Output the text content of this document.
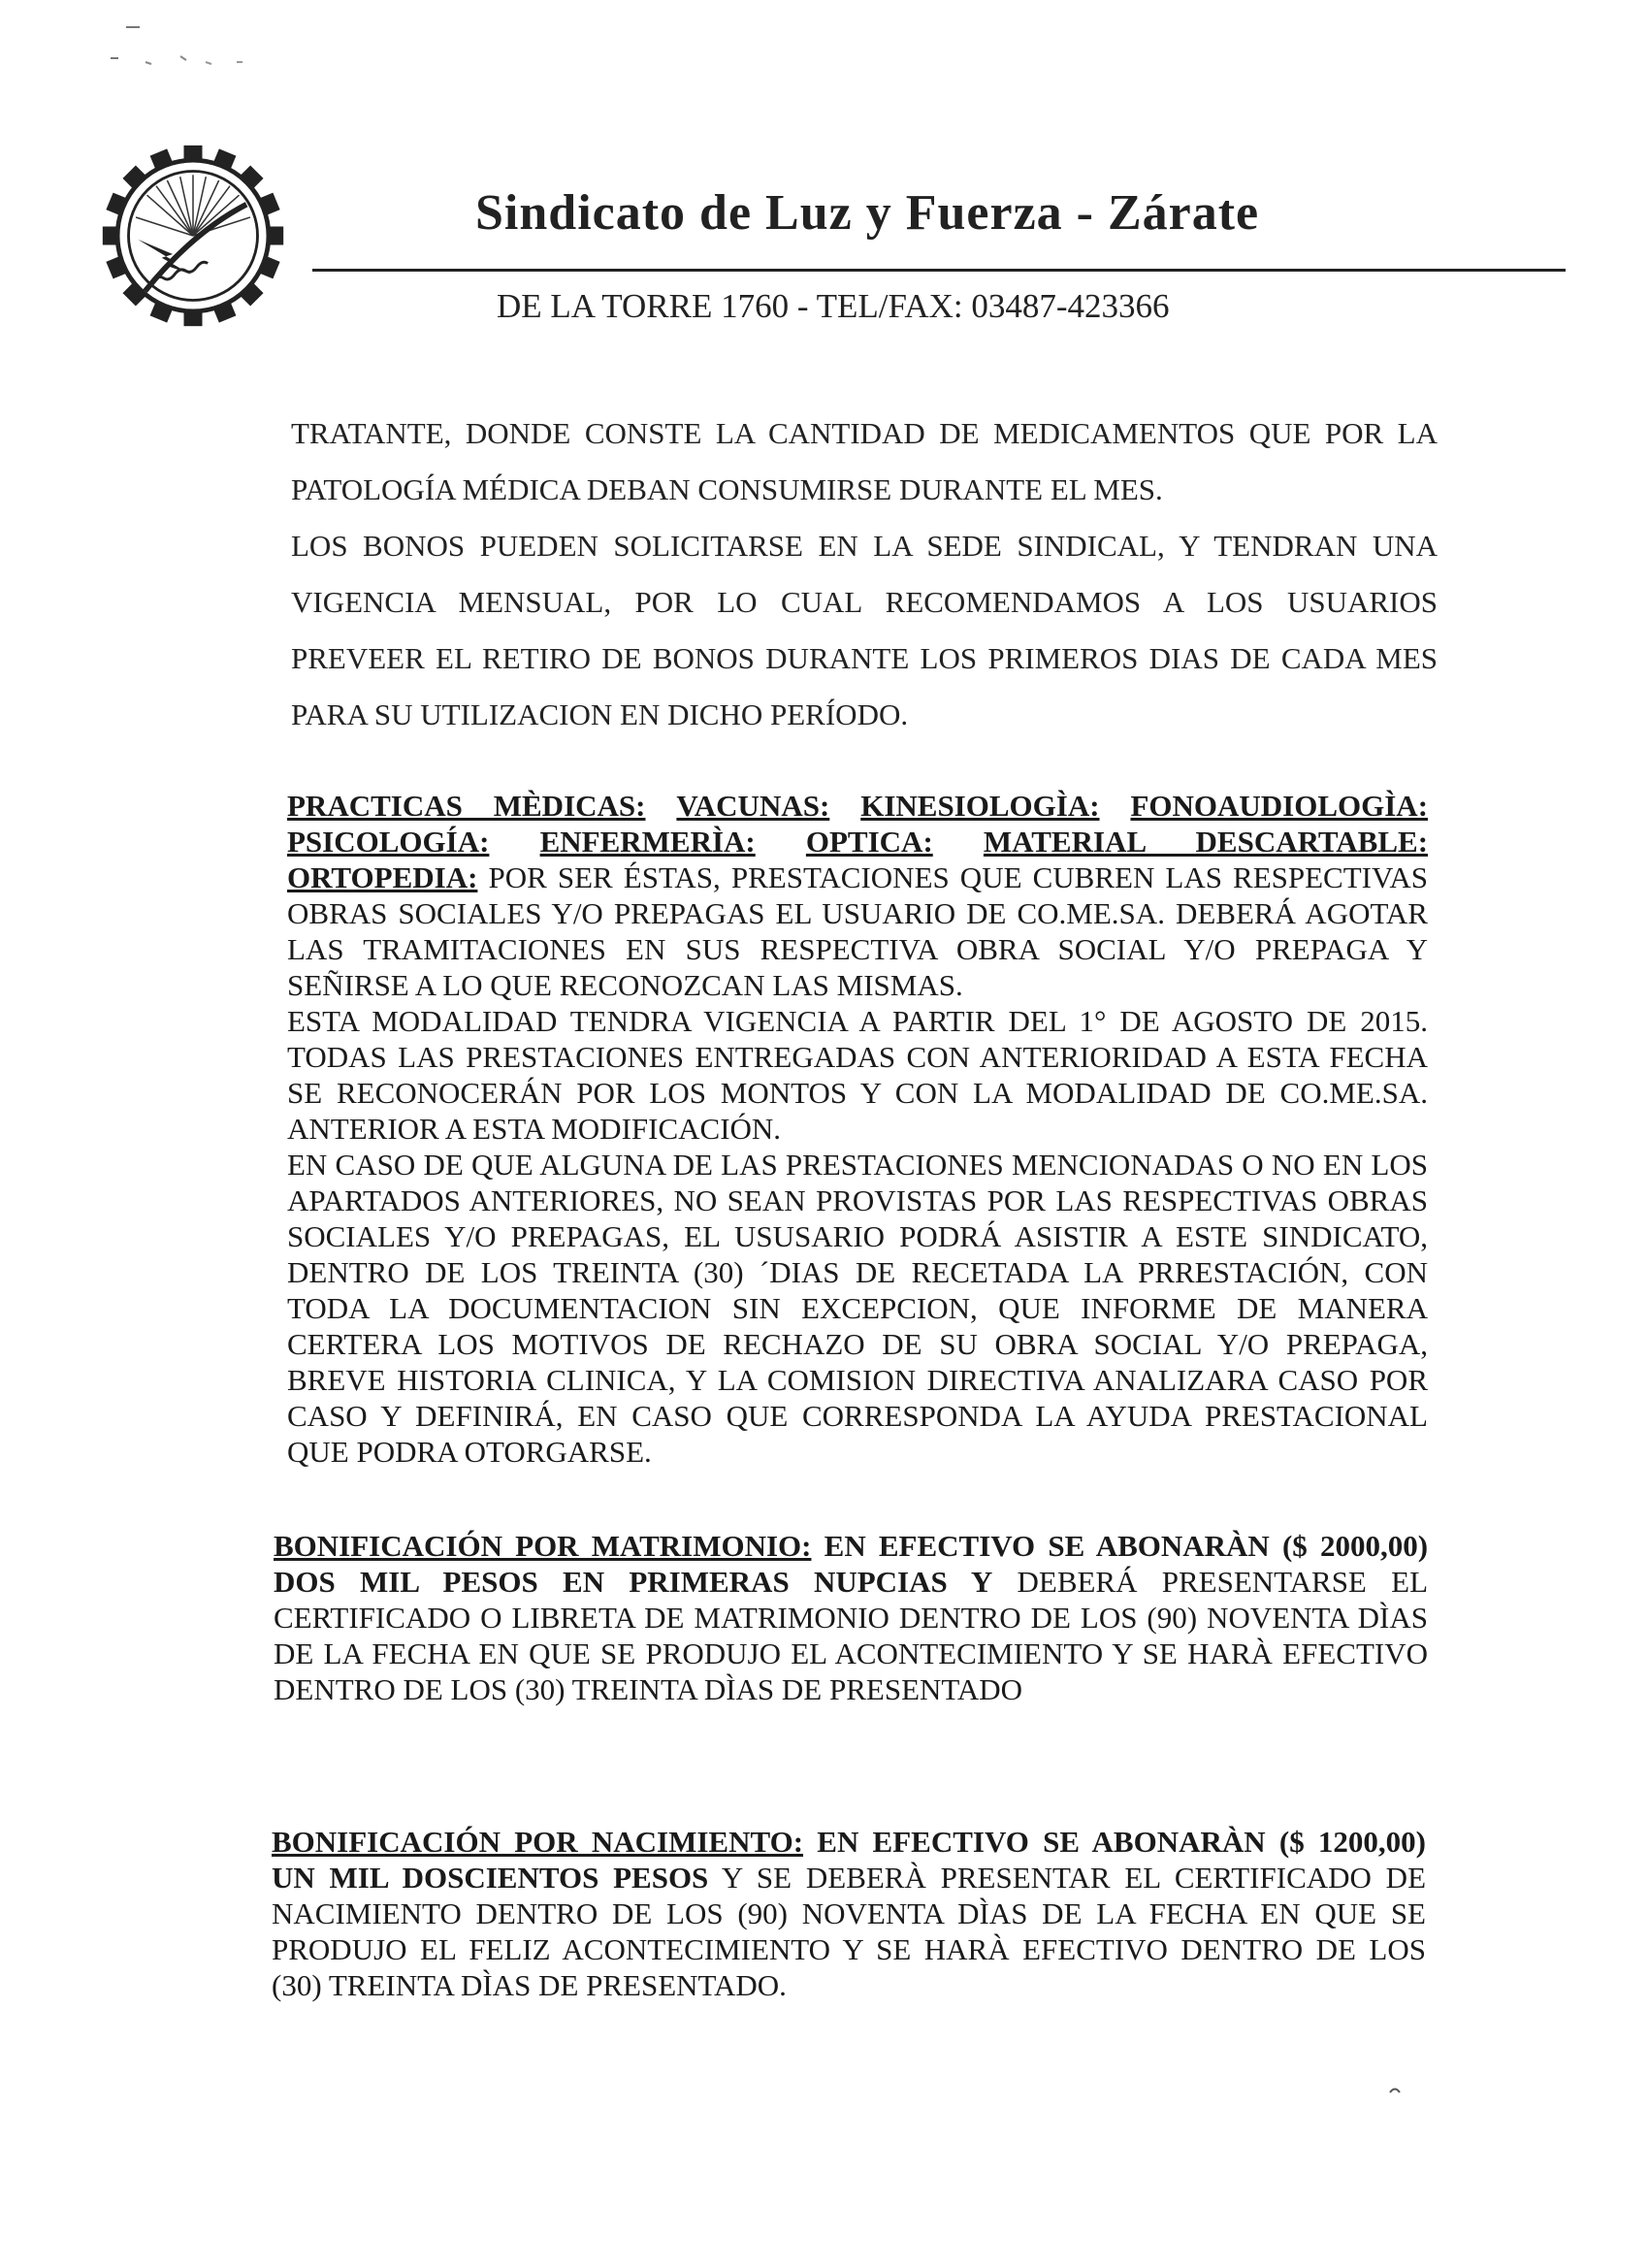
Sindicato de Luz y Fuerza - Zárate
DE LA TORRE 1760 - TEL/FAX: 03487-423366

TRATANTE, DONDE CONSTE LA CANTIDAD DE MEDICAMENTOS QUE POR LA PATOLOGÍA MÉDICA DEBAN CONSUMIRSE DURANTE EL MES.

LOS BONOS PUEDEN SOLICITARSE EN LA SEDE SINDICAL, Y TENDRAN UNA VIGENCIA MENSUAL, POR LO CUAL RECOMENDAMOS A LOS USUARIOS PREVEER EL RETIRO DE BONOS DURANTE LOS PRIMEROS DIAS DE CADA MES PARA SU UTILIZACION EN DICHO PERÍODO.

PRACTICAS MÈDICAS: VACUNAS: KINESIOLOGÌA: FONOAUDIOLOGÌA: PSICOLOGÍA: ENFERMERÌA: OPTICA: MATERIAL DESCARTABLE: ORTOPEDIA: POR SER ÉSTAS, PRESTACIONES QUE CUBREN LAS RESPECTIVAS OBRAS SOCIALES Y/O PREPAGAS EL USUARIO DE CO.ME.SA. DEBERÁ AGOTAR LAS TRAMITACIONES EN SUS RESPECTIVA OBRA SOCIAL Y/O PREPAGA Y SEÑIRSE A LO QUE RECONOZCAN LAS MISMAS.

ESTA MODALIDAD TENDRA VIGENCIA A PARTIR DEL 1° DE AGOSTO DE 2015. TODAS LAS PRESTACIONES ENTREGADAS CON ANTERIORIDAD A ESTA FECHA SE RECONOCERÁN POR LOS MONTOS Y CON LA MODALIDAD DE CO.ME.SA. ANTERIOR A ESTA MODIFICACIÓN.

EN CASO DE QUE ALGUNA DE LAS PRESTACIONES MENCIONADAS O NO EN LOS APARTADOS ANTERIORES, NO SEAN PROVISTAS POR LAS RESPECTIVAS OBRAS SOCIALES Y/O PREPAGAS, EL USUSARIO PODRÁ ASISTIR A ESTE SINDICATO, DENTRO DE LOS TREINTA (30) ´DIAS DE RECETADA LA PRRESTACIÓN, CON TODA LA DOCUMENTACION SIN EXCEPCION, QUE INFORME DE MANERA CERTERA LOS MOTIVOS DE RECHAZO DE SU OBRA SOCIAL Y/O PREPAGA, BREVE HISTORIA CLINICA, Y LA COMISION DIRECTIVA ANALIZARA CASO POR CASO Y DEFINIRÁ, EN CASO QUE CORRESPONDA LA AYUDA PRESTACIONAL QUE PODRA OTORGARSE.

BONIFICACIÓN POR MATRIMONIO: EN EFECTIVO SE ABONARÀN ($ 2000,00) DOS MIL PESOS EN PRIMERAS NUPCIAS Y DEBERÁ PRESENTARSE EL CERTIFICADO O LIBRETA DE MATRIMONIO DENTRO DE LOS (90) NOVENTA DÌAS DE LA FECHA EN QUE SE PRODUJO EL ACONTECIMIENTO Y SE HARÀ EFECTIVO DENTRO DE LOS (30) TREINTA DÌAS DE PRESENTADO

BONIFICACIÓN POR NACIMIENTO: EN EFECTIVO SE ABONARÀN ($ 1200,00) UN MIL DOSCIENTOS PESOS Y SE DEBERÀ PRESENTAR EL CERTIFICADO DE NACIMIENTO DENTRO DE LOS (90) NOVENTA DÌAS DE LA FECHA EN QUE SE PRODUJO EL FELIZ ACONTECIMIENTO Y SE HARÀ EFECTIVO DENTRO DE LOS (30) TREINTA DÌAS DE PRESENTADO.
